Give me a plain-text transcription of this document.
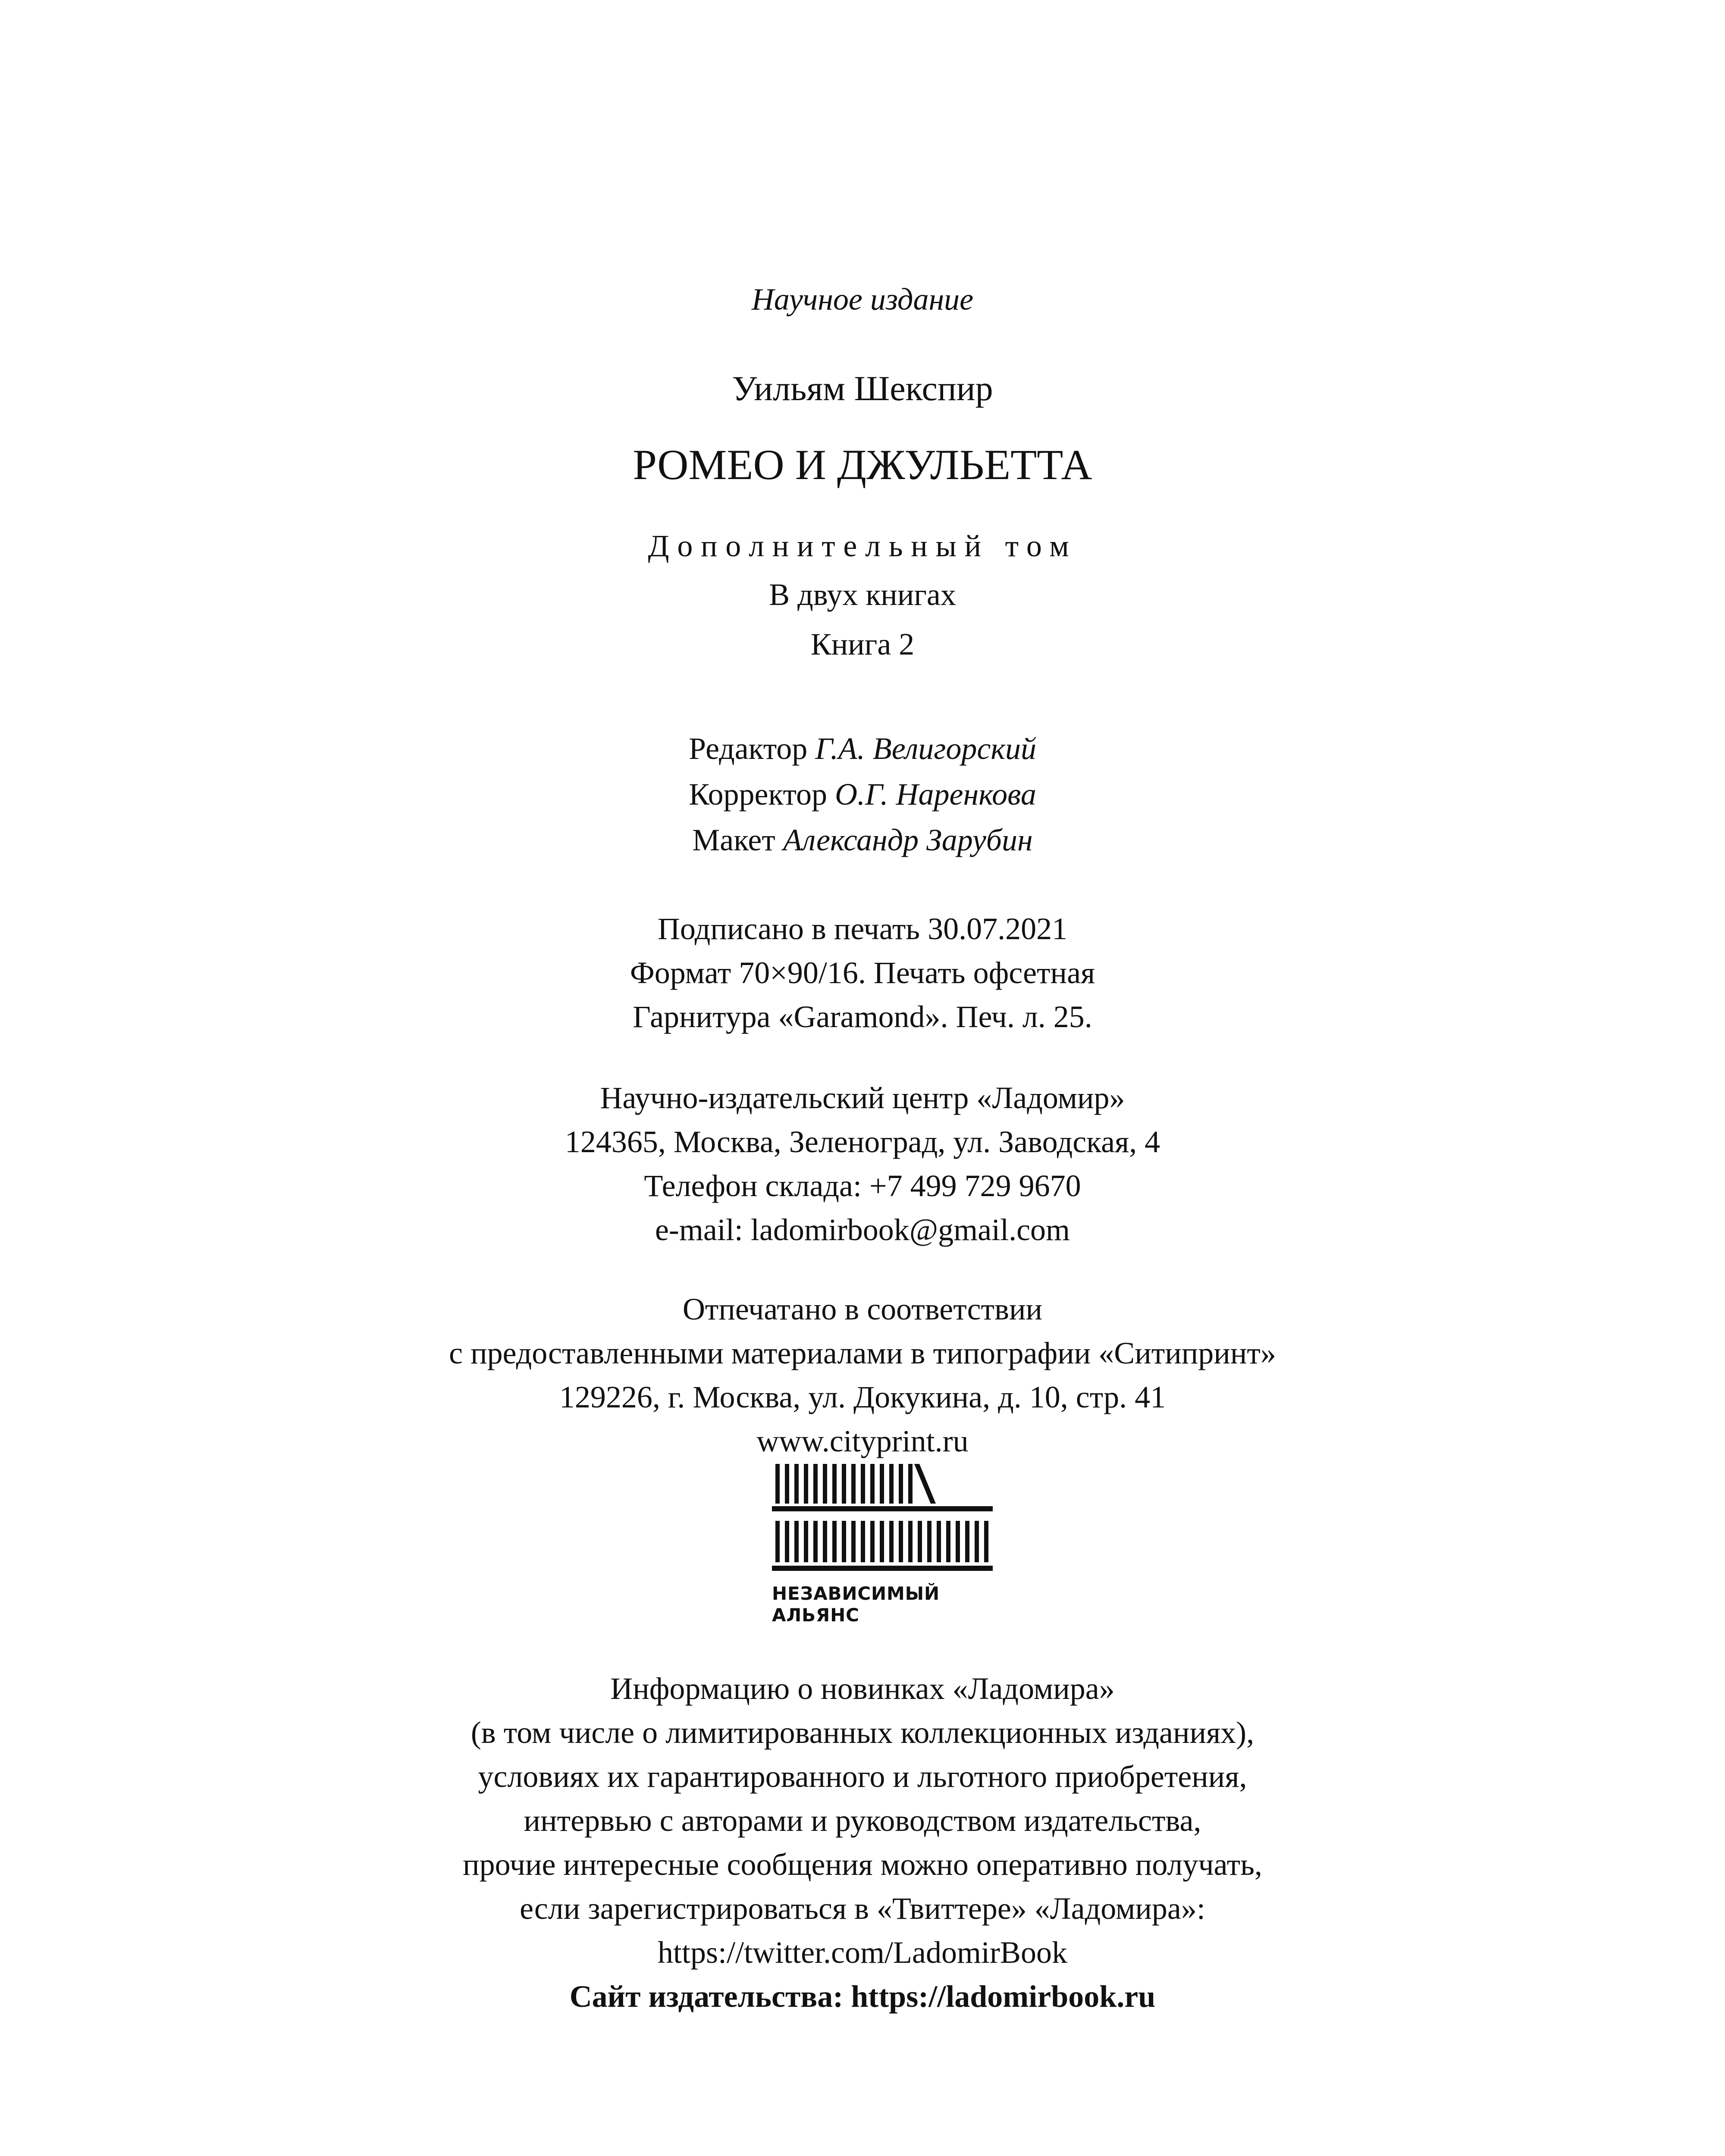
Научное издание
Уильям Шекспир
РОМЕО И ДЖУЛЬЕТТА
Дополнительный том
В двух книгах
Книга 2
Редактор Г.А. Велигорский
Корректор О.Г. Наренкова
Макет Александр Зарубин
Подписано в печать 30.07.2021
Формат 70×90/16. Печать офсетная
Гарнитура «Garamond». Печ. л. 25.
Научно-издательский центр «Ладомир»
124365, Москва, Зеленоград, ул. Заводская, 4
Телефон склада: +7 499 729 9670
e-mail: ladomirbook@gmail.com
Отпечатано в соответствии
с предоставленными материалами в типографии «Ситипринт»
129226, г. Москва, ул. Докукина, д. 10, стр. 41
www.cityprint.ru
НЕЗАВИСИМЫЙ
АЛЬЯНС
Информацию о новинках «Ладомира»
(в том числе о лимитированных коллекционных изданиях),
условиях их гарантированного и льготного приобретения,
интервью с авторами и руководством издательства,
прочие интересные сообщения можно оперативно получать,
если зарегистрироваться в «Твиттере» «Ладомира»:
https://twitter.com/LadomirBook
Сайт издательства: https://ladomirbook.ru
